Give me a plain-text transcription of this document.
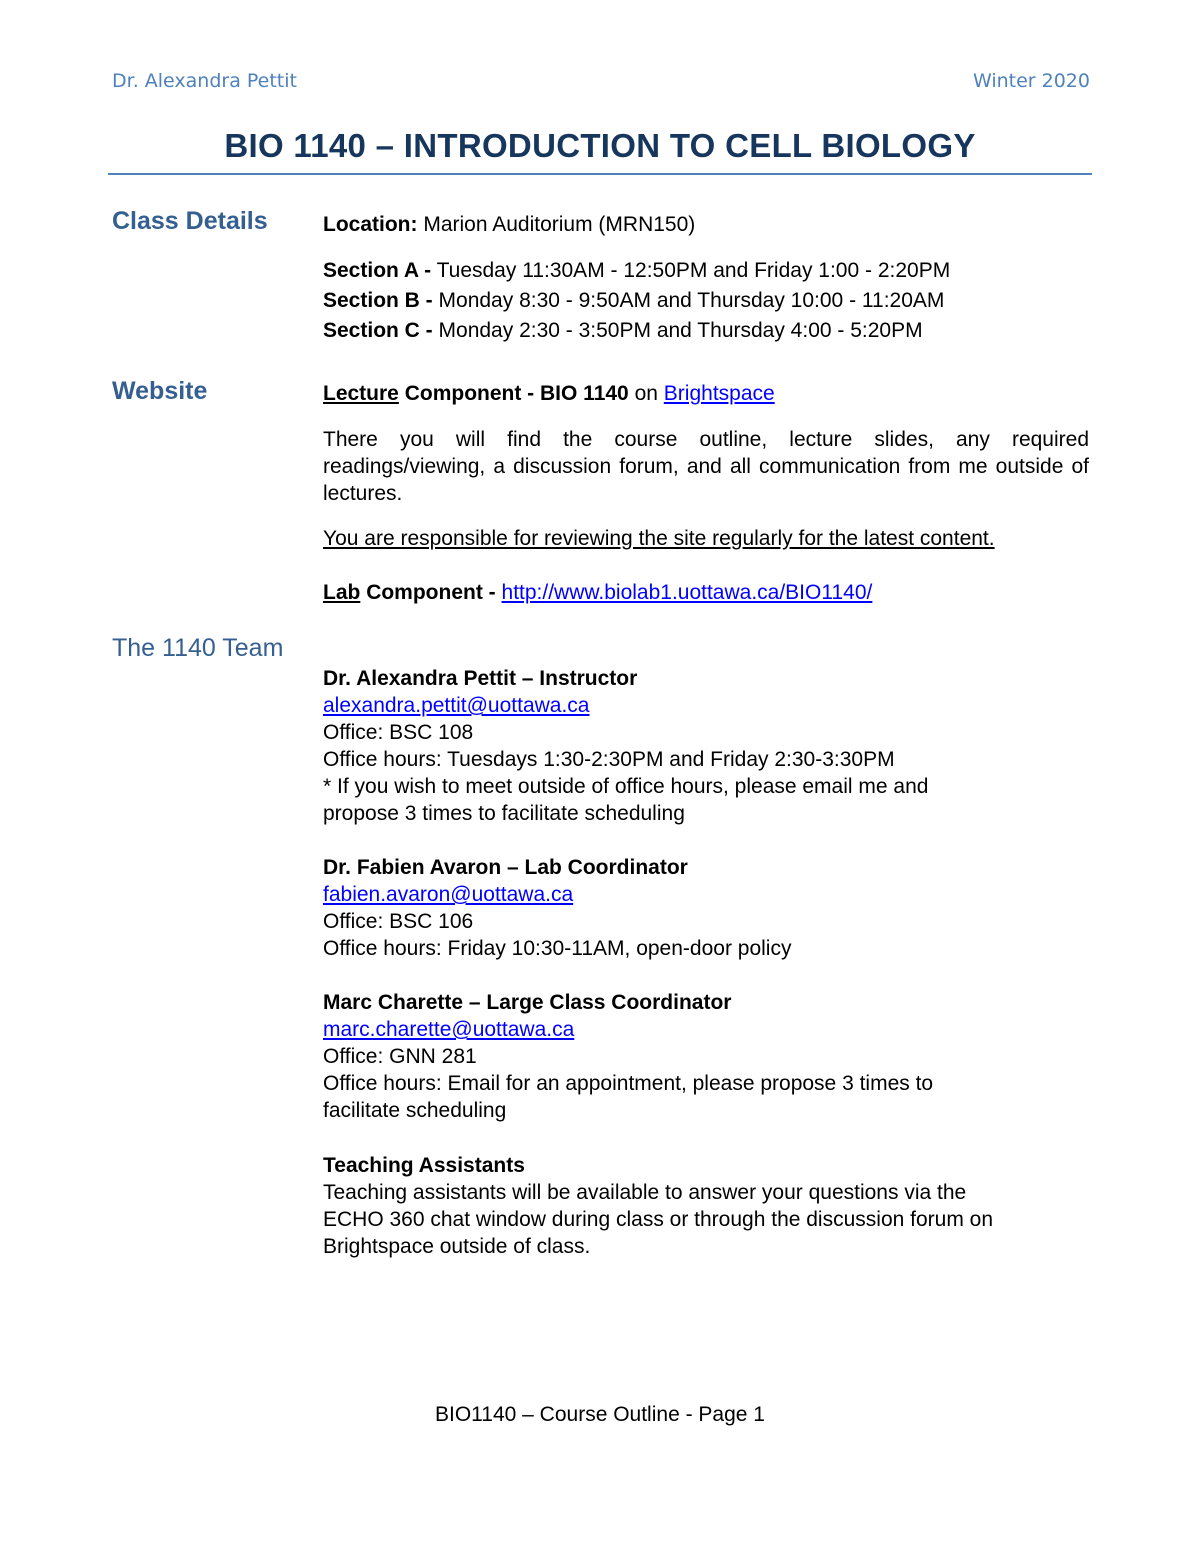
Dr. Alexandra Pettit	Winter 2020
BIO 1140 – INTRODUCTION TO CELL BIOLOGY
Class Details	Location: Marion Auditorium (MRN150)
Section A - Tuesday 11:30AM - 12:50PM and Friday 1:00 - 2:20PM
Section B - Monday 8:30 - 9:50AM and Thursday 10:00 - 11:20AM
Section C - Monday 2:30 - 3:50PM and Thursday 4:00 - 5:20PM
Website	Lecture Component - BIO 1140 on Brightspace
There you will find the course outline, lecture slides, any required readings/viewing, a discussion forum, and all communication from me outside of lectures.
You are responsible for reviewing the site regularly for the latest content.
Lab Component - http://www.biolab1.uottawa.ca/BIO1140/
The 1140 Team
Dr. Alexandra Pettit – Instructor
alexandra.pettit@uottawa.ca
Office: BSC 108
Office hours: Tuesdays 1:30-2:30PM and Friday 2:30-3:30PM
* If you wish to meet outside of office hours, please email me and
propose 3 times to facilitate scheduling
Dr. Fabien Avaron – Lab Coordinator
fabien.avaron@uottawa.ca
Office: BSC 106
Office hours: Friday 10:30-11AM, open-door policy
Marc Charette – Large Class Coordinator
marc.charette@uottawa.ca
Office: GNN 281
Office hours: Email for an appointment, please propose 3 times to
facilitate scheduling
Teaching Assistants
Teaching assistants will be available to answer your questions via the
ECHO 360 chat window during class or through the discussion forum on
Brightspace outside of class.
BIO1140 – Course Outline - Page 1
